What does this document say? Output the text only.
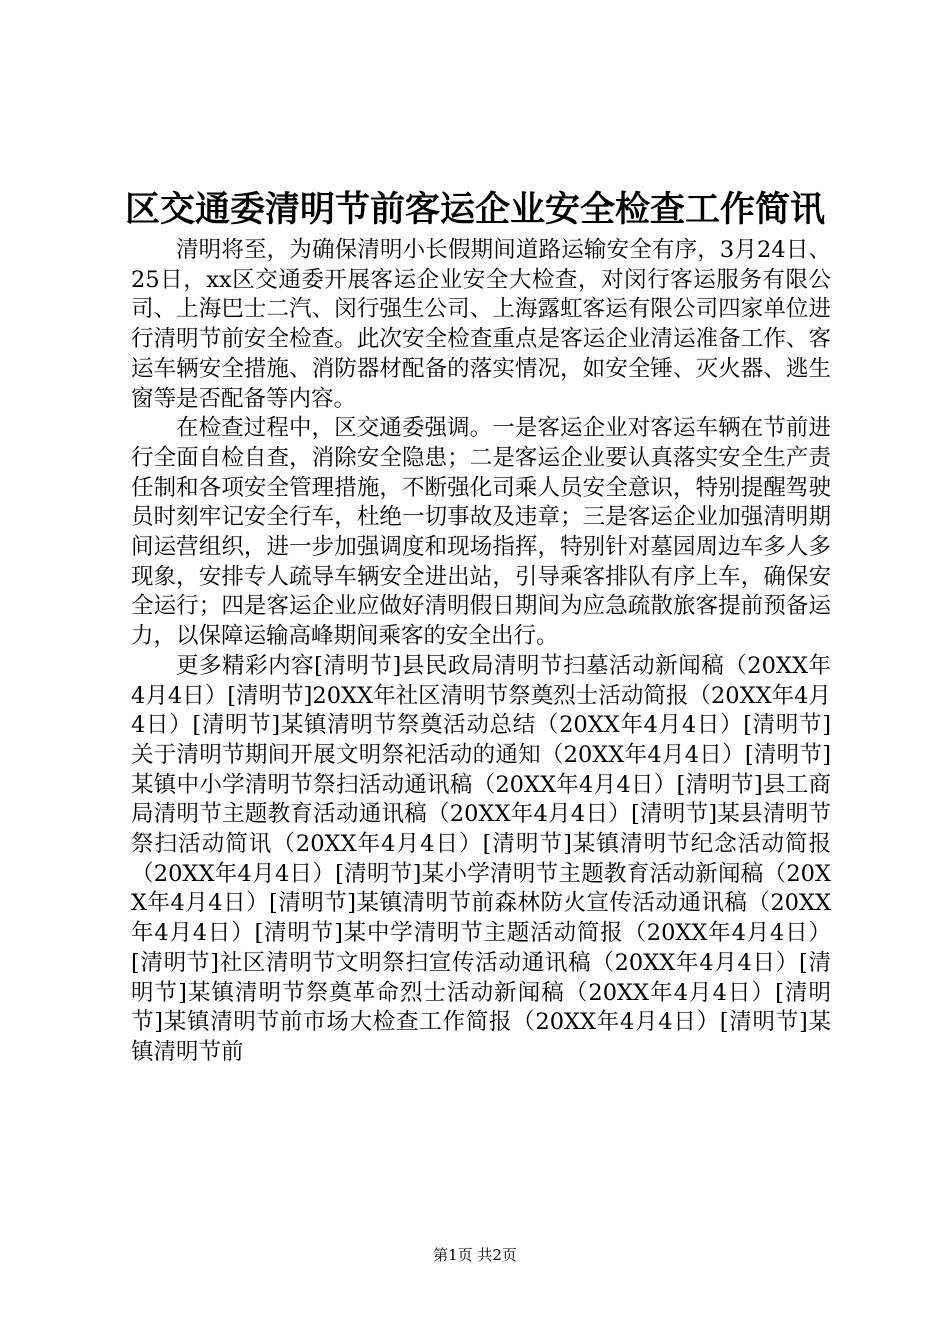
区交通委清明节前客运企业安全检查工作简讯

清明将至，为确保清明小长假期间道路运输安全有序，3月24日、25日，xx区交通委开展客运企业安全大检查，对闵行客运服务有限公司、上海巴士二汽、闵行强生公司、上海露虹客运有限公司四家单位进行清明节前安全检查。此次安全检查重点是客运企业清运准备工作、客运车辆安全措施、消防器材配备的落实情况，如安全锤、灭火器、逃生窗等是否配备等内容。

在检查过程中，区交通委强调。一是客运企业对客运车辆在节前进行全面自检自查，消除安全隐患；二是客运企业要认真落实安全生产责任制和各项安全管理措施，不断强化司乘人员安全意识，特别提醒驾驶员时刻牢记安全行车，杜绝一切事故及违章；三是客运企业加强清明期间运营组织，进一步加强调度和现场指挥，特别针对墓园周边车多人多现象，安排专人疏导车辆安全进出站，引导乘客排队有序上车，确保安全运行；四是客运企业应做好清明假日期间为应急疏散旅客提前预备运力，以保障运输高峰期间乘客的安全出行。

更多精彩内容[清明节]县民政局清明节扫墓活动新闻稿（20XX年4月4日）[清明节]20XX年社区清明节祭奠烈士活动简报（20XX年4月4日）[清明节]某镇清明节祭奠活动总结（20XX年4月4日）[清明节]关于清明节期间开展文明祭祀活动的通知（20XX年4月4日）[清明节]某镇中小学清明节祭扫活动通讯稿（20XX年4月4日）[清明节]县工商局清明节主题教育活动通讯稿（20XX年4月4日）[清明节]某县清明节祭扫活动简讯（20XX年4月4日）[清明节]某镇清明节纪念活动简报（20XX年4月4日）[清明节]某小学清明节主题教育活动新闻稿（20XX年4月4日）[清明节]某镇清明节前森林防火宣传活动通讯稿（20XX年4月4日）[清明节]某中学清明节主题活动简报（20XX年4月4日）[清明节]社区清明节文明祭扫宣传活动通讯稿（20XX年4月4日）[清明节]某镇清明节祭奠革命烈士活动新闻稿（20XX年4月4日）[清明节]某镇清明节前市场大检查工作简报（20XX年4月4日）[清明节]某镇清明节前

第1页 共2页
